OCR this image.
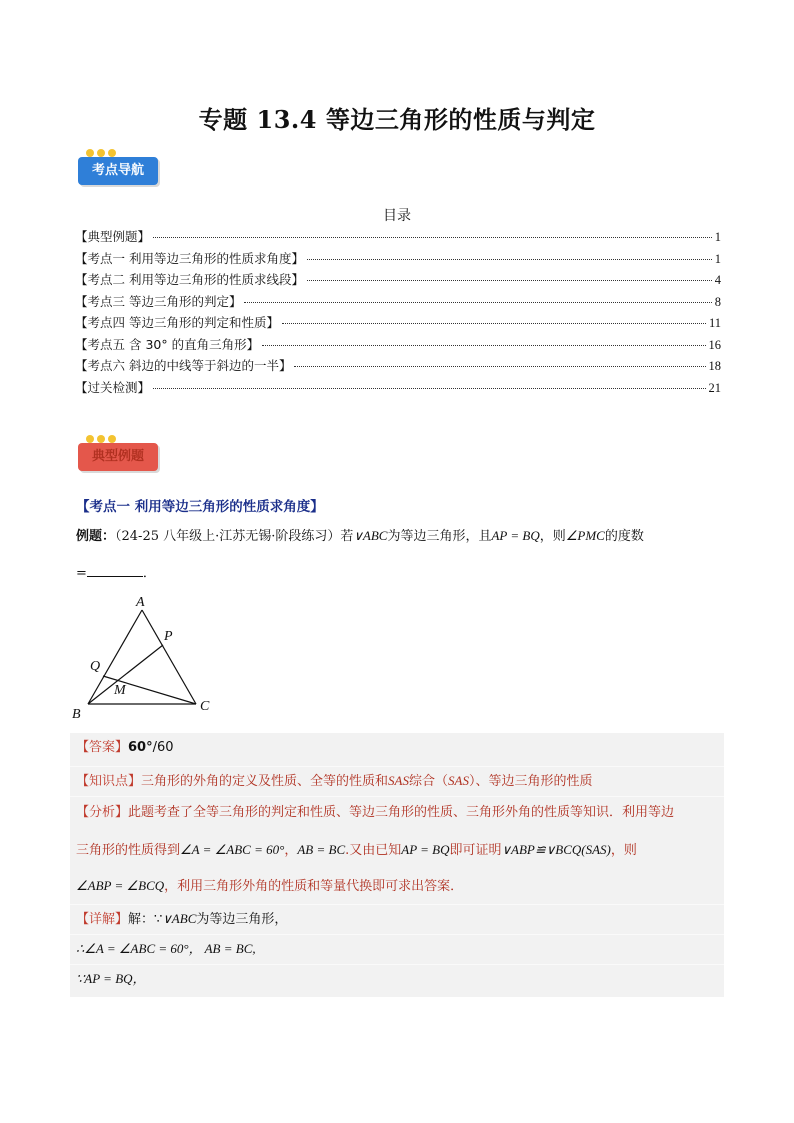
专题 13.4 等边三角形的性质与判定
考点导航
目录
【典型例题】	1
【考点一 利用等边三角形的性质求角度】	1
【考点二 利用等边三角形的性质求线段】	4
【考点三 等边三角形的判定】	8
【考点四 等边三角形的判定和性质】	11
【考点五 含 30° 的直角三角形】	16
【考点六 斜边的中线等于斜边的一半】	18
【过关检测】	21
典型例题
【考点一 利用等边三角形的性质求角度】
例题：（24-25 八年级上·江苏无锡·阶段练习）若∨ABC为等边三角形，且AP = BQ，则∠PMC的度数
=	．
A
B
C
P
Q
M
【答案】60°/60
【知识点】三角形的外角的定义及性质、全等的性质和SAS综合（SAS）、等边三角形的性质
【分析】此题考查了全等三角形的判定和性质、等边三角形的性质、三角形外角的性质等知识．利用等边
三角形的性质得到∠A = ∠ABC = 60°，AB = BC.又由已知AP = BQ即可证明∨ABP≌∨BCQ(SAS)，则
∠ABP = ∠BCQ，利用三角形外角的性质和等量代换即可求出答案．
【详解】解：∵∨ABC为等边三角形，
∴∠A = ∠ABC = 60°， AB = BC,
∵AP = BQ，
